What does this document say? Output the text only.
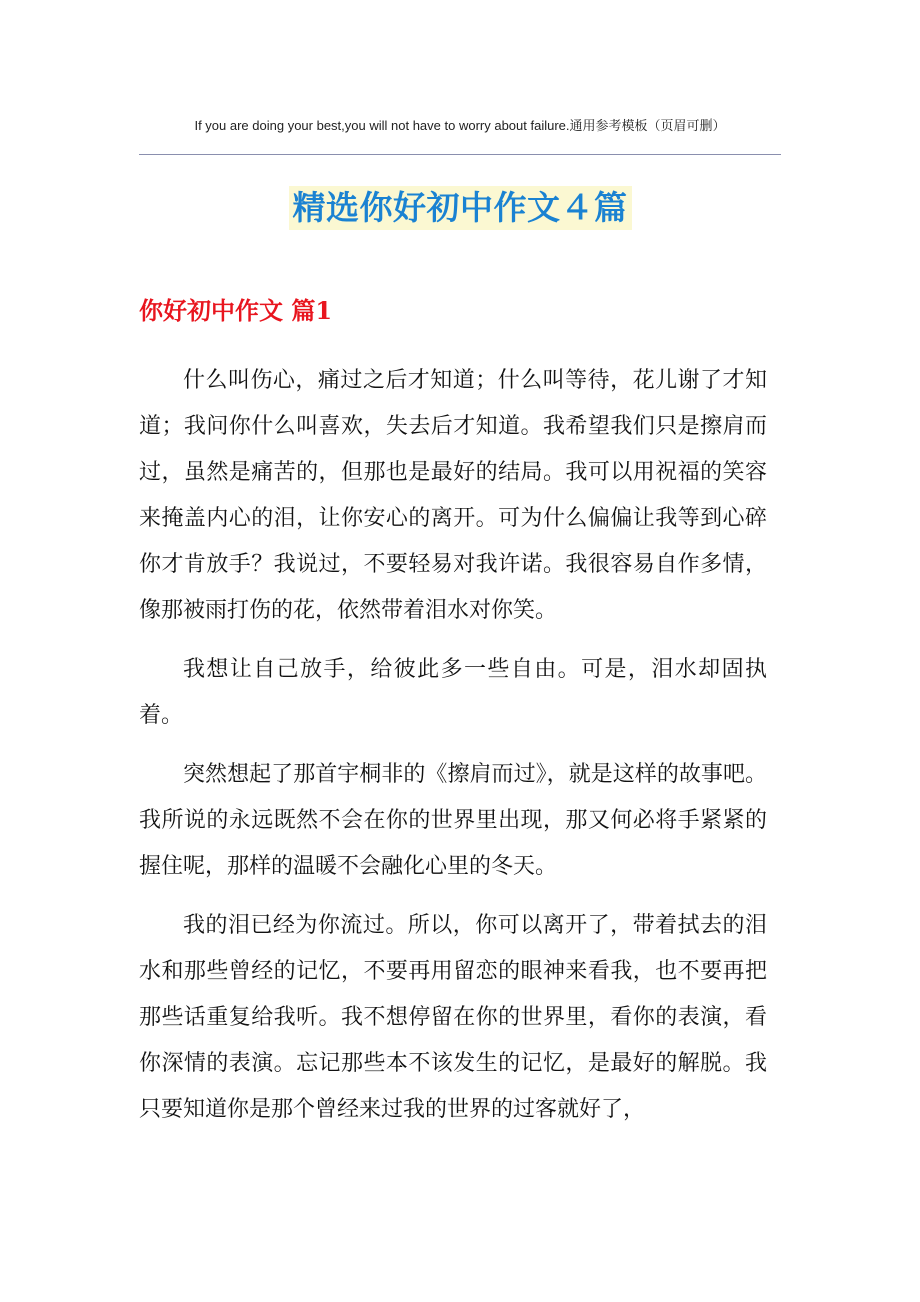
If you are doing your best,you will not have to worry about failure.通用参考模板（页眉可删）
精选你好初中作文４篇
你好初中作文 篇1

什么叫伤心，痛过之后才知道；什么叫等待，花儿谢了才知道；我问你什么叫喜欢，失去后才知道。我希望我们只是擦肩而过，虽然是痛苦的，但那也是最好的结局。我可以用祝福的笑容来掩盖内心的泪，让你安心的离开。可为什么偏偏让我等到心碎你才肯放手？我说过，不要轻易对我许诺。我很容易自作多情，像那被雨打伤的花，依然带着泪水对你笑。

我想让自己放手，给彼此多一些自由。可是，泪水却固执着。

突然想起了那首宇桐非的《擦肩而过》，就是这样的故事吧。我所说的永远既然不会在你的世界里出现，那又何必将手紧紧的握住呢，那样的温暖不会融化心里的冬天。

我的泪已经为你流过。所以，你可以离开了，带着拭去的泪水和那些曾经的记忆，不要再用留恋的眼神来看我，也不要再把那些话重复给我听。我不想停留在你的世界里，看你的表演，看你深情的表演。忘记那些本不该发生的记忆，是最好的解脱。我只要知道你是那个曾经来过我的世界的过客就好了，
